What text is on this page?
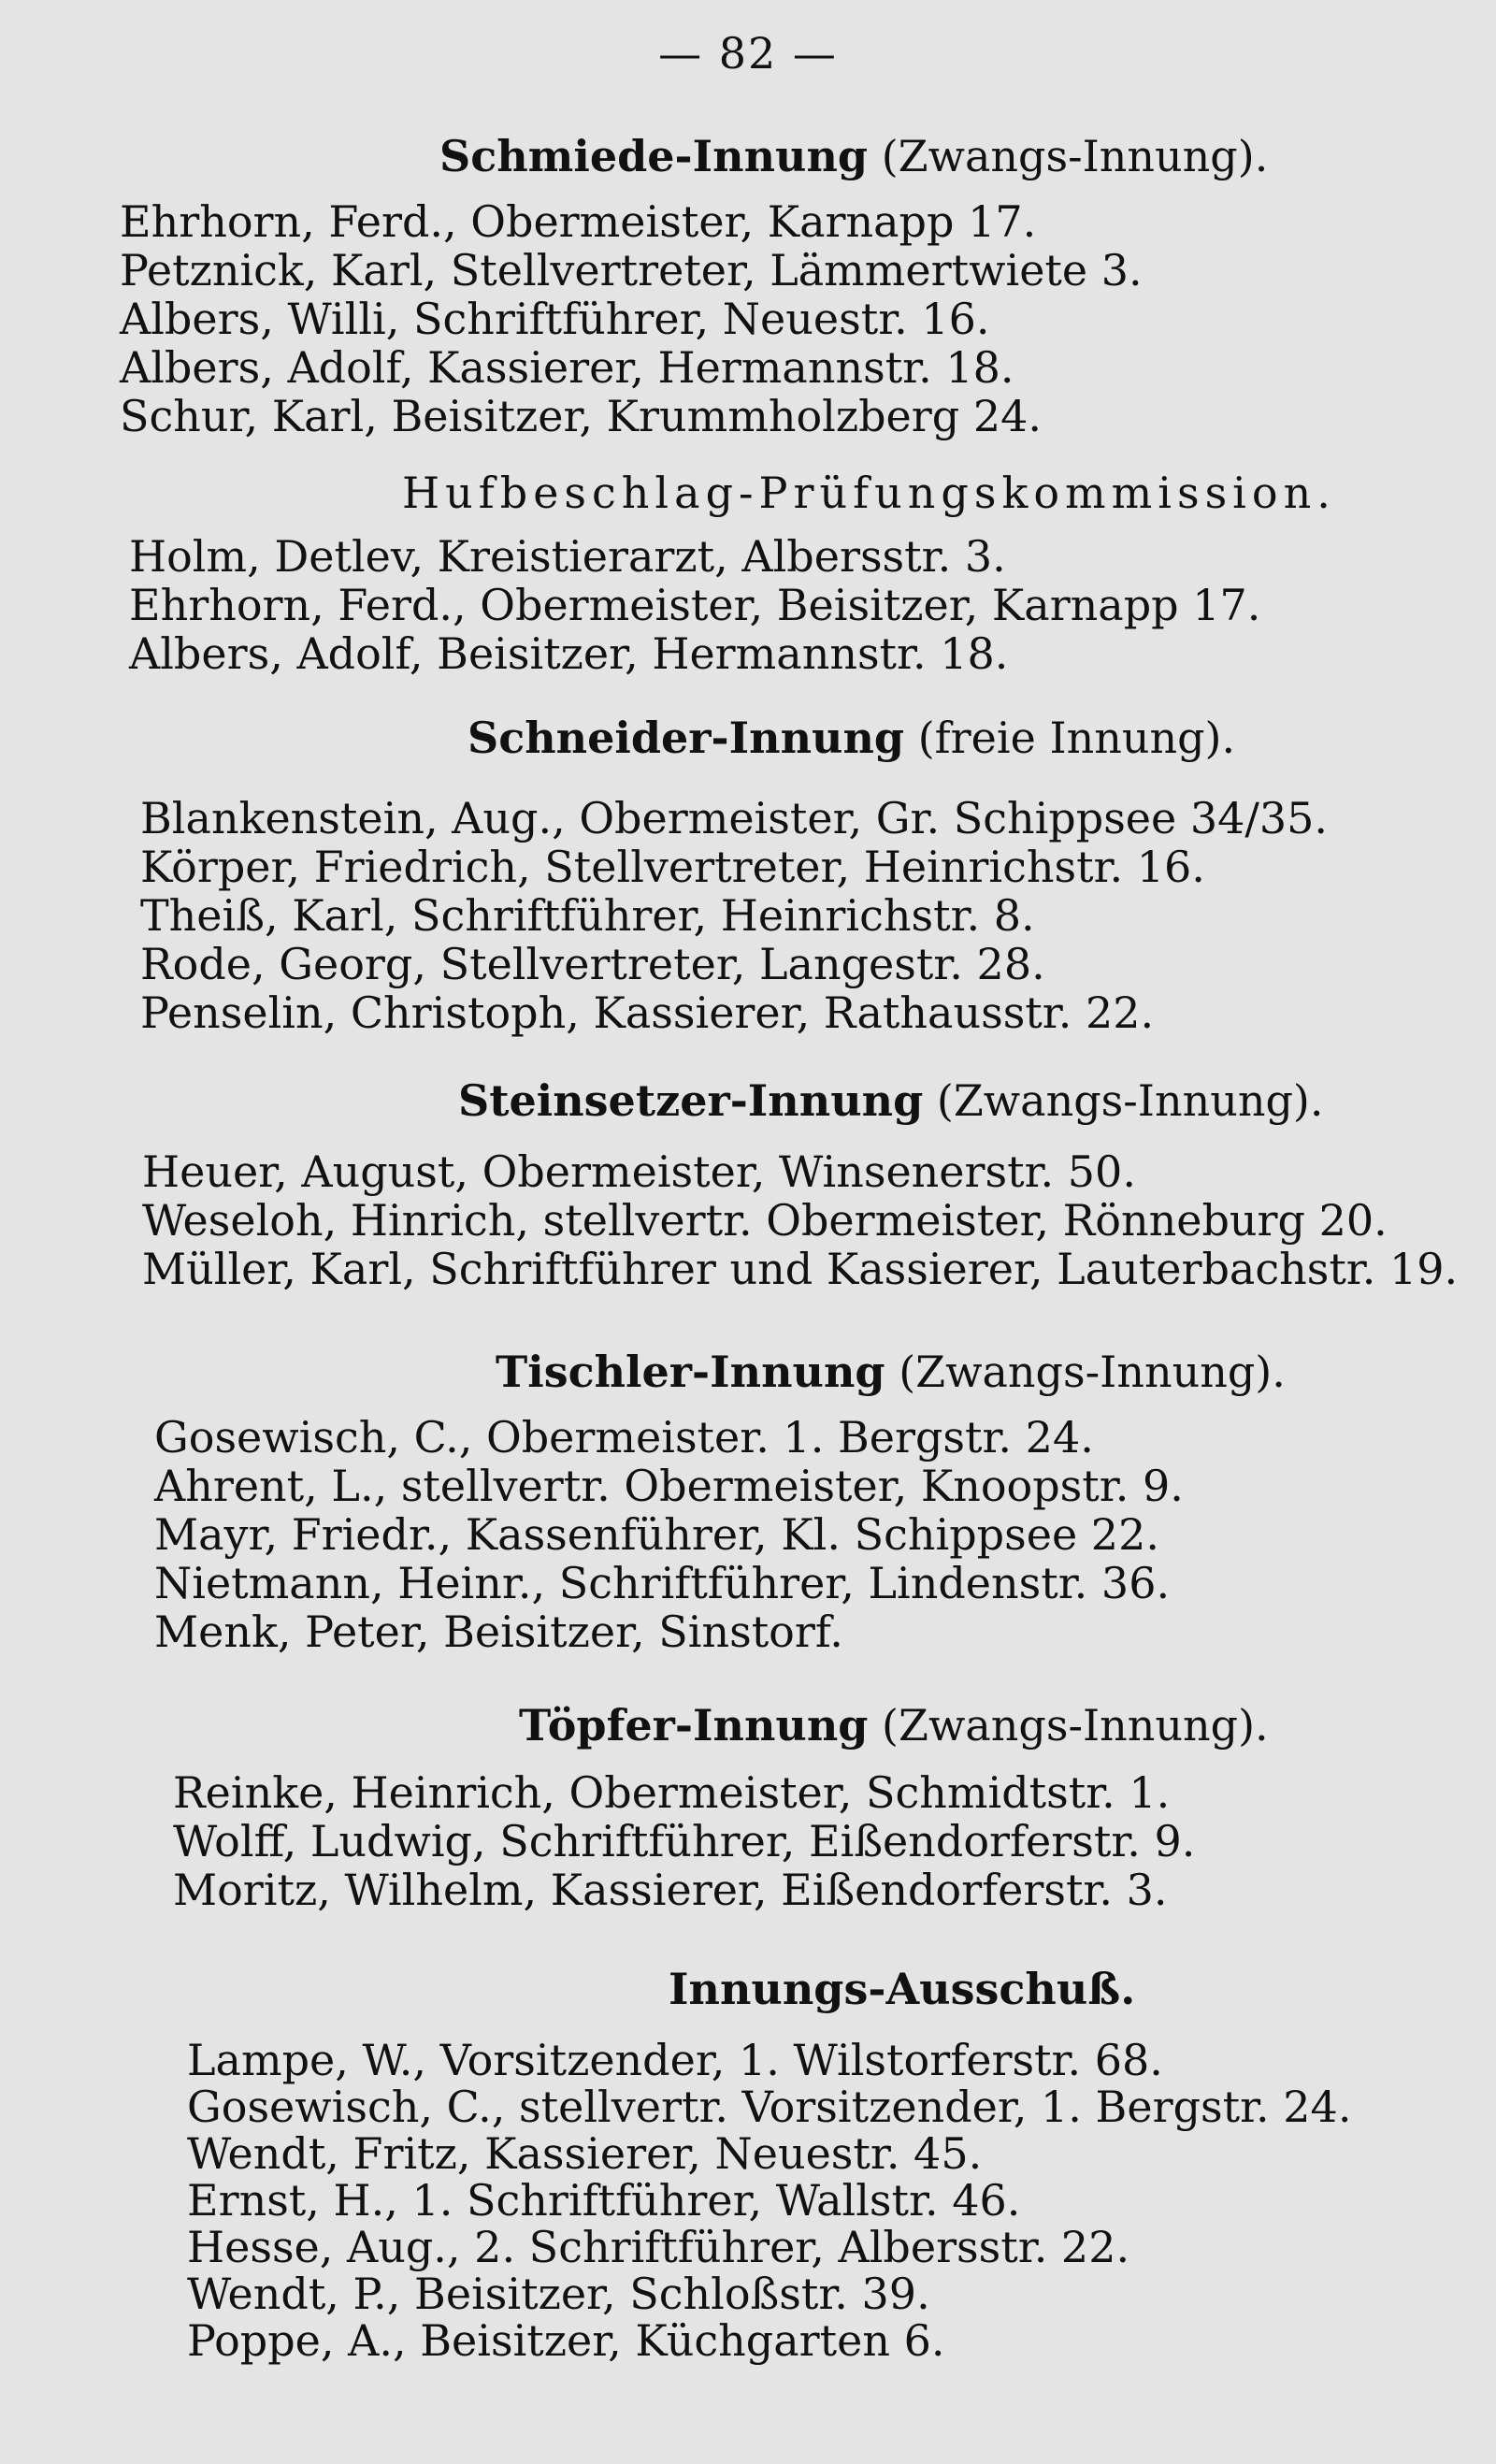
— 82 —
Schmiede-Innung (Zwangs-Innung).
Ehrhorn, Ferd., Obermeister, Karnapp 17.
Petznick, Karl, Stellvertreter, Lämmertwiete 3.
Albers, Willi, Schriftführer, Neuestr. 16.
Albers, Adolf, Kassierer, Hermannstr. 18.
Schur, Karl, Beisitzer, Krummholzberg 24.
Hufbeschlag-Prüfungskommission.
Holm, Detlev, Kreistierarzt, Albersstr. 3.
Ehrhorn, Ferd., Obermeister, Beisitzer, Karnapp 17.
Albers, Adolf, Beisitzer, Hermannstr. 18.
Schneider-Innung (freie Innung).
Blankenstein, Aug., Obermeister, Gr. Schippsee 34/35.
Körper, Friedrich, Stellvertreter, Heinrichstr. 16.
Theiß, Karl, Schriftführer, Heinrichstr. 8.
Rode, Georg, Stellvertreter, Langestr. 28.
Penselin, Christoph, Kassierer, Rathausstr. 22.
Steinsetzer-Innung (Zwangs-Innung).
Heuer, August, Obermeister, Winsenerstr. 50.
Weseloh, Hinrich, stellvertr. Obermeister, Rönneburg 20.
Müller, Karl, Schriftführer und Kassierer, Lauterbachstr. 19.
Tischler-Innung (Zwangs-Innung).
Gosewisch, C., Obermeister. 1. Bergstr. 24.
Ahrent, L., stellvertr. Obermeister, Knoopstr. 9.
Mayr, Friedr., Kassenführer, Kl. Schippsee 22.
Nietmann, Heinr., Schriftführer, Lindenstr. 36.
Menk, Peter, Beisitzer, Sinstorf.
Töpfer-Innung (Zwangs-Innung).
Reinke, Heinrich, Obermeister, Schmidtstr. 1.
Wolff, Ludwig, Schriftführer, Eißendorferstr. 9.
Moritz, Wilhelm, Kassierer, Eißendorferstr. 3.
Innungs-Ausschuß.
Lampe, W., Vorsitzender, 1. Wilstorferstr. 68.
Gosewisch, C., stellvertr. Vorsitzender, 1. Bergstr. 24.
Wendt, Fritz, Kassierer, Neuestr. 45.
Ernst, H., 1. Schriftführer, Wallstr. 46.
Hesse, Aug., 2. Schriftführer, Albersstr. 22.
Wendt, P., Beisitzer, Schloßstr. 39.
Poppe, A., Beisitzer, Küchgarten 6.
